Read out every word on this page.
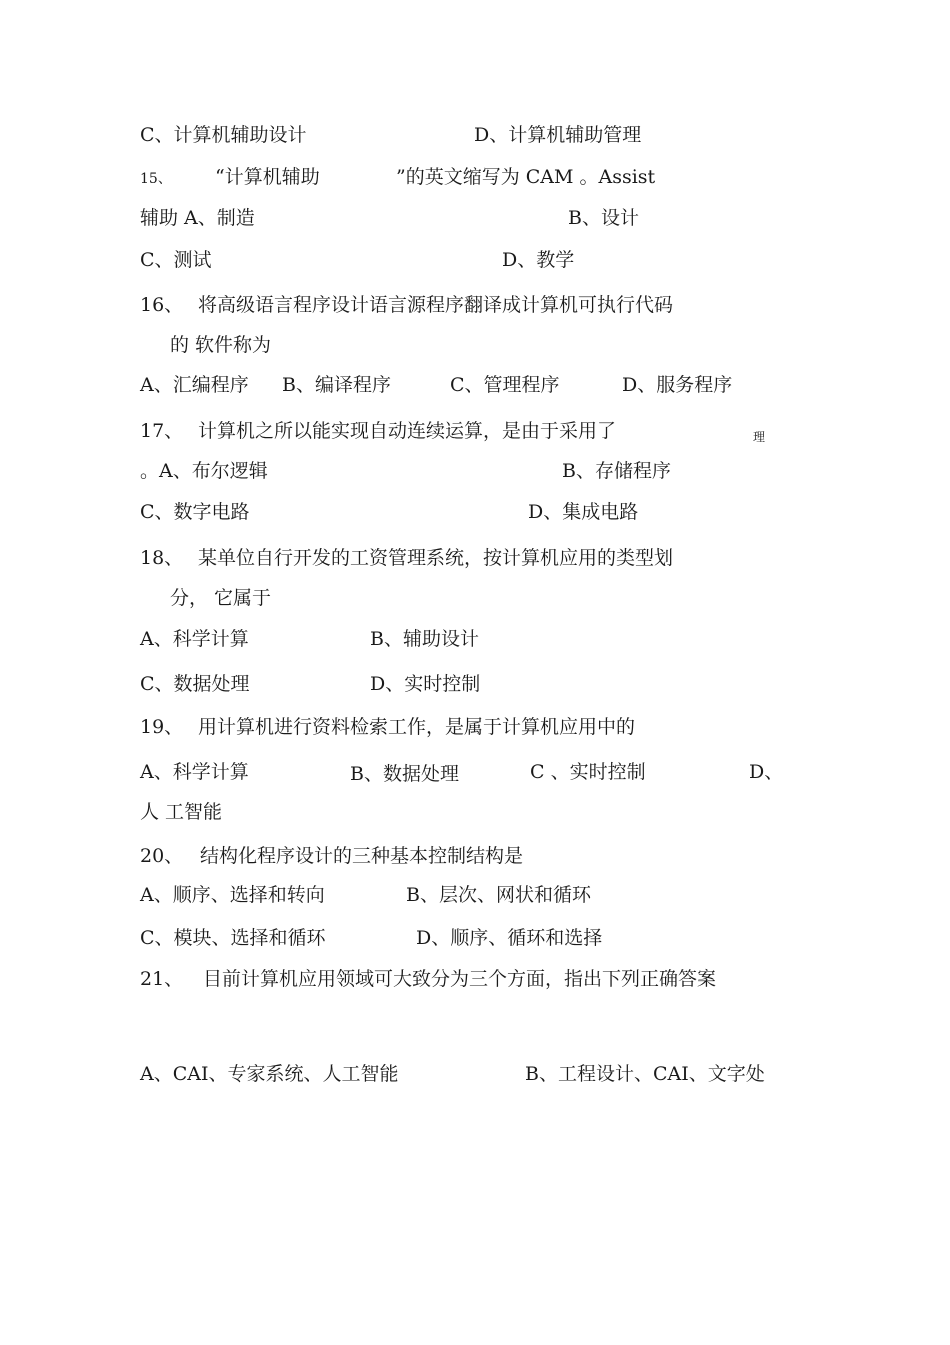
C、计算机辅助设计	D、计算机辅助管理
15、 “计算机辅助	”的英文缩写为 CAM 。Assist
辅助 A、制造	B、设计
C、测试	D、教学
16、 将高级语言程序设计语言源程序翻译成计算机可执行代码
的 软件称为
A、汇编程序 B、编译程序	C、管理程序	D、服务程序
17、 计算机之所以能实现自动连续运算，是由于采用了	理
。A、布尔逻辑	B、存储程序
C、数字电路	D、集成电路
18、 某单位自行开发的工资管理系统，按计算机应用的类型划
分， 它属于
A、科学计算	B、辅助设计
C、数据处理	D、实时控制
19、 用计算机进行资料检索工作，是属于计算机应用中的
A、科学计算	B、数据处理	C 、实时控制	D、
人 工智能
20、 结构化程序设计的三种基本控制结构是
A、顺序、选择和转向	B、层次、网状和循环
C、模块、选择和循环	D、顺序、循环和选择
21、 目前计算机应用领域可大致分为三个方面，指出下列正确答案
A、CAI、专家系统、人工智能	B、工程设计、CAI、文字处
